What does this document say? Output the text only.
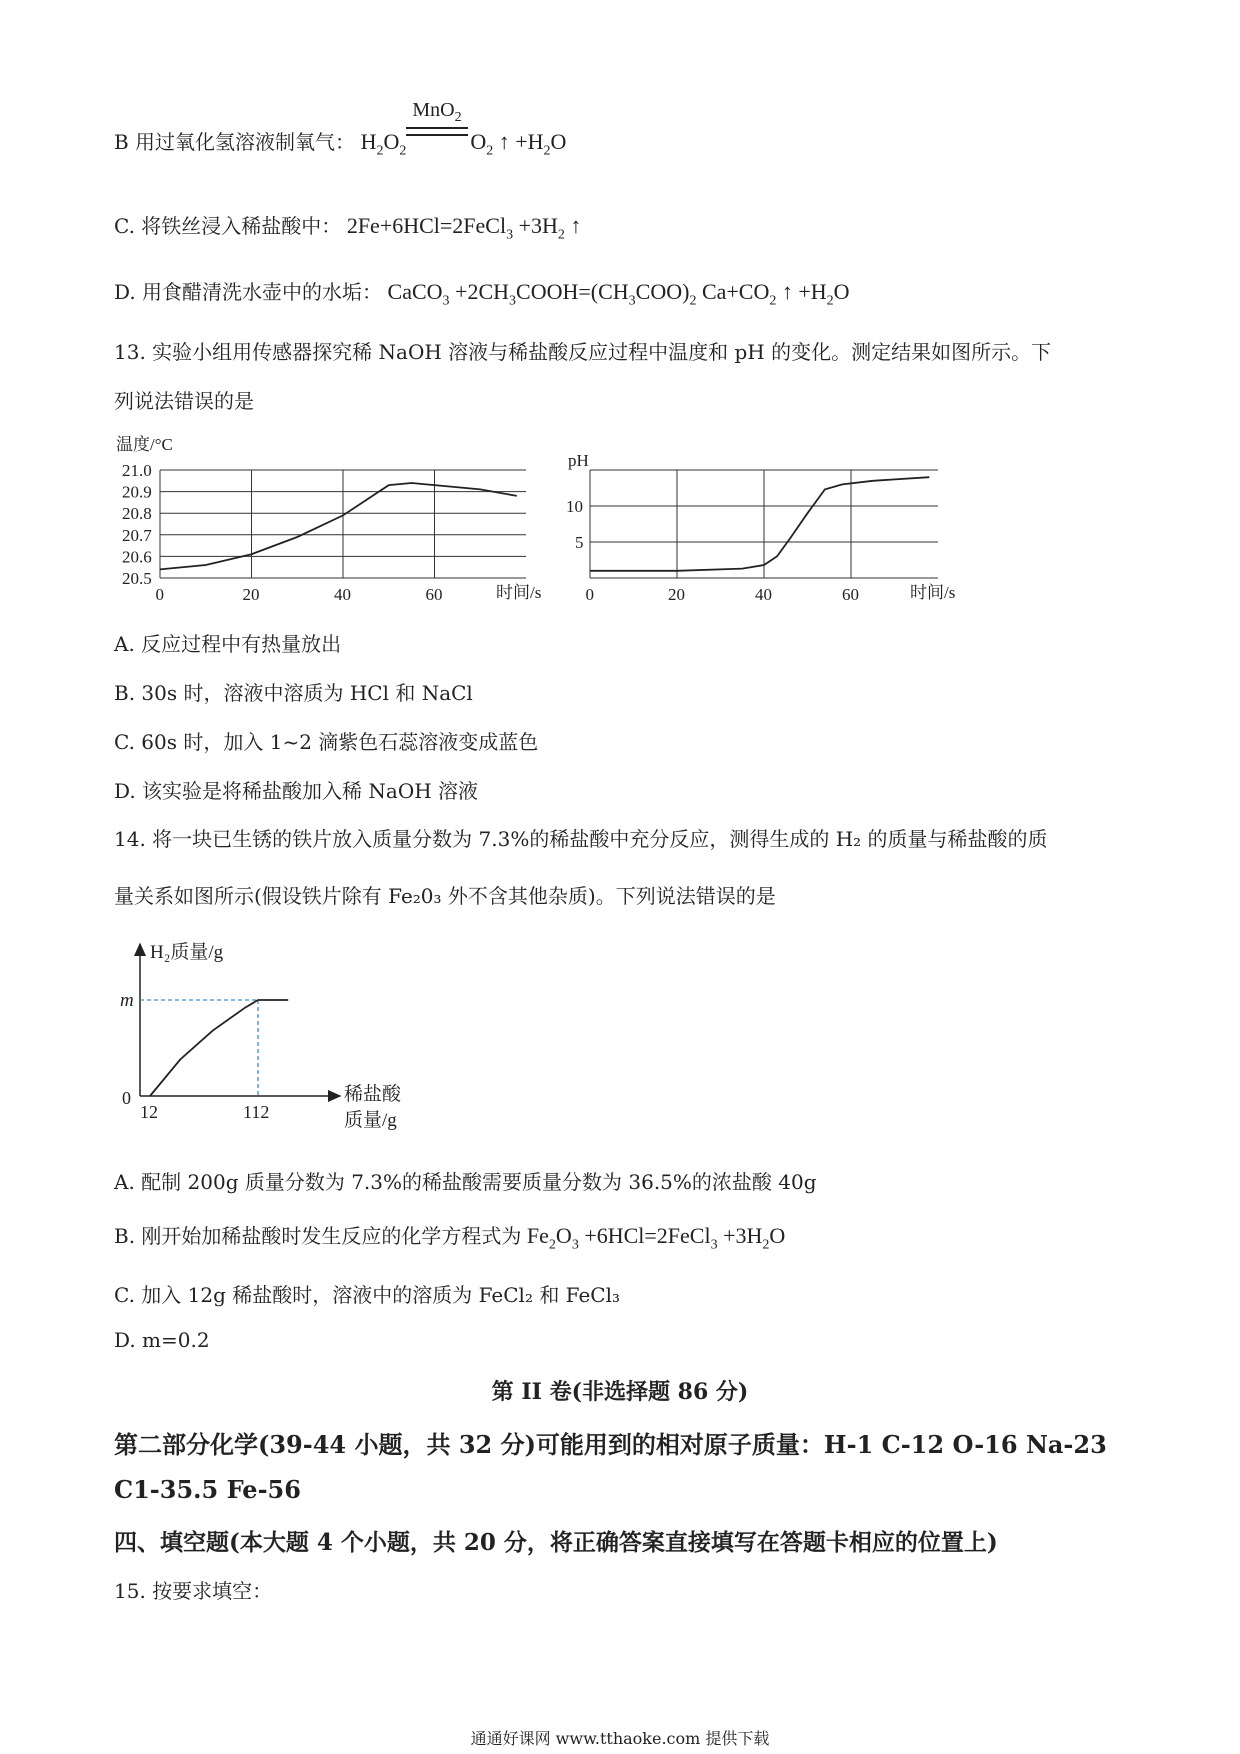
B 用过氧化氢溶液制氧气： $H_2O_2$
MnO$_2$
$O_2$ ↑ $+H_2O$
C. 将铁丝浸入稀盐酸中： 2Fe+6HCl=2FeCl$_3$ $+3H_2$ ↑
D. 用食醋清洗水壶中的水垢： CaCO$_3$ $+2CH_3COOH=(CH_3COO)_2$ $Ca+CO_2$ ↑ $+H_2O$
13. 实验小组用传感器探究稀 NaOH 溶液与稀盐酸反应过程中温度和 pH 的变化。测定结果如图所示。下
列说法错误的是
温度/°C
21.0
20.9
20.8
20.7
20.6
20.5
0	20	40	60	时间/s
pH
10
5
0	20	40	60	时间/s
A. 反应过程中有热量放出
B. 30s 时，溶液中溶质为 HCl 和 NaCl
C. 60s 时，加入 1~2 滴紫色石蕊溶液变成蓝色
D. 该实验是将稀盐酸加入稀 NaOH 溶液
14. 将一块已生锈的铁片放入质量分数为 7.3%的稀盐酸中充分反应，测得生成的 H₂ 的质量与稀盐酸的质
量关系如图所示(假设铁片除有 Fe₂0₃ 外不含其他杂质)。下列说法错误的是
H₂质量/g
0
m
12	112
稀盐酸
质量/g
A. 配制 200g 质量分数为 7.3%的稀盐酸需要质量分数为 36.5%的浓盐酸 40g
B. 刚开始加稀盐酸时发生反应的化学方程式为 $Fe_2O_3$ +6HCl=2FeCl$_3$ $+3H_2O$
C. 加入 12g 稀盐酸时，溶液中的溶质为 FeCl₂ 和 FeCl₃
D. m=0.2
第 II 卷(非选择题 86 分)
第二部分化学(39-44 小题，共 32 分)可能用到的相对原子质量：H-1 C-12 O-16 Na-23
C1-35.5 Fe-56
四、填空题(本大题 4 个小题，共 20 分，将正确答案直接填写在答题卡相应的位置上)
15. 按要求填空：
通通好课网 www.tthaoke.com 提供下载
